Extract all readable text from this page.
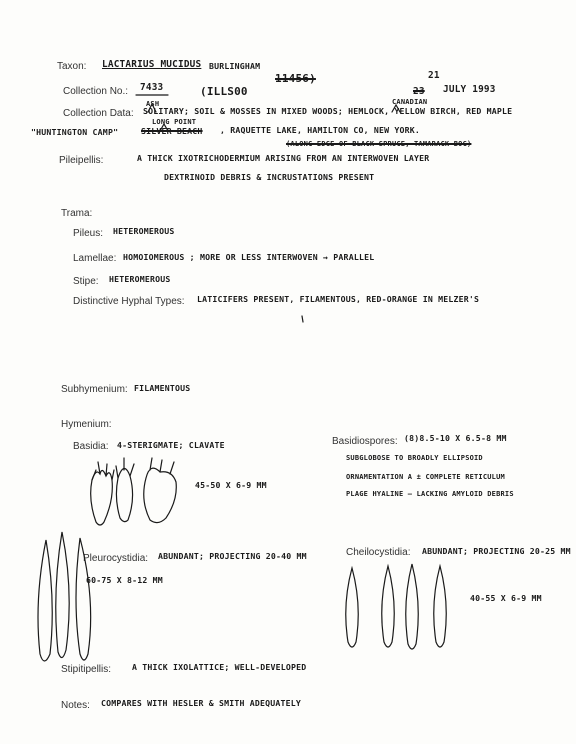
Taxon: LACTARIUS MUCIDUS BURLINGHAM
Collection No.: 7433	(ILLS00
11456)	21
23 JULY 1993
ASH	CANADIAN
Collection Data: SOLITARY; SOIL & MOSSES IN MIXED WOODS; HEMLOCK, YELLOW BIRCH, RED MAPLE
LONG POINT
"HUNTINGTON CAMP"	SILVER BEACH , RAQUETTE LAKE, HAMILTON CO, NEW YORK.
(ALONG EDGE OF BLACK SPRUCE, TAMARACK BOG)
Pileipellis:	A THICK IXOTRICHODERMIUM ARISING FROM AN INTERWOVEN LAYER
DEXTRINOID DEBRIS & INCRUSTATIONS PRESENT
Trama:
Pileus: HETEROMEROUS
Lamellae: HOMOIOMEROUS ; MORE OR LESS INTERWOVEN → PARALLEL
Stipe: HETEROMEROUS
Distinctive Hyphal Types: LATICIFERS PRESENT, FILAMENTOUS, RED-ORANGE IN MELZER'S
Subhymenium: FILAMENTOUS
Hymenium:
Basidia: 4-STERIGMATE; CLAVATE
45-50 X 6-9 ΜM
Basidiospores: (8)8.5-10 X 6.5-8 ΜM
SUBGLOBOSE TO BROADLY ELLIPSOID
ORNAMENTATION A ± COMPLETE RETICULUM
PLAGE HYALINE — LACKING AMYLOID DEBRIS
Pleurocystidia: ABUNDANT; PROJECTING 20-40 ΜM
60-75 X 8-12 ΜM
Cheilocystidia: ABUNDANT; PROJECTING 20-25 ΜM
40-55 X 6-9 ΜM
Stipitipellis:	A THICK IXOLATTICE; WELL-DEVELOPED
Notes: COMPARES WITH HESLER & SMITH ADEQUATELY
